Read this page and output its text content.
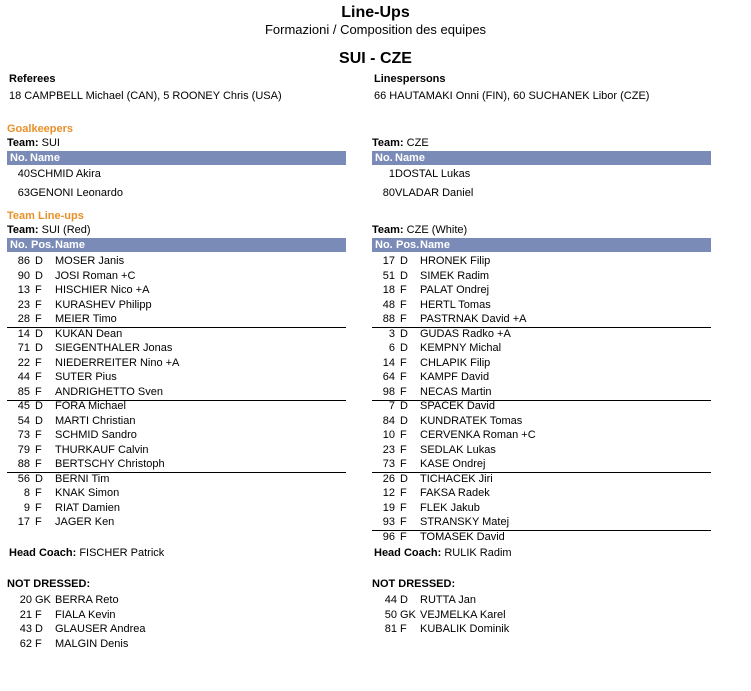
Line-Ups
Formazioni / Composition des equipes
SUI - CZE
Referees
18 CAMPBELL Michael (CAN), 5 ROONEY Chris (USA)
Linespersons
66 HAUTAMAKI Onni (FIN), 60 SUCHANEK Libor (CZE)
Goalkeepers
Team: SUI	Team: CZE
No. Name	No. Name
40 SCHMID Akira
63 GENONI Leonardo
1 DOSTAL Lukas
80 VLADAR Daniel
Team Line-ups
Team: SUI (Red)	Team: CZE (White)
No. Pos. Name	No. Pos. Name
86 D MOSER Janis
90 D JOSI Roman +C
13 F HISCHIER Nico +A
23 F KURASHEV Philipp
28 F MEIER Timo
14 D KUKAN Dean
71 D SIEGENTHALER Jonas
22 F NIEDERREITER Nino +A
44 F SUTER Pius
85 F ANDRIGHETTO Sven
45 D FORA Michael
54 D MARTI Christian
73 F SCHMID Sandro
79 F THURKAUF Calvin
88 F BERTSCHY Christoph
56 D BERNI Tim
8 F KNAK Simon
9 F RIAT Damien
17 F JAGER Ken
17 D HRONEK Filip
51 D SIMEK Radim
18 F PALAT Ondrej
48 F HERTL Tomas
88 F PASTRNAK David +A
3 D GUDAS Radko +A
6 D KEMPNY Michal
14 F CHLAPIK Filip
64 F KAMPF David
98 F NECAS Martin
7 D SPACEK David
84 D KUNDRATEK Tomas
10 F CERVENKA Roman +C
23 F SEDLAK Lukas
73 F KASE Ondrej
26 D TICHACEK Jiri
12 F FAKSA Radek
19 F FLEK Jakub
93 F STRANSKY Matej
96 F TOMASEK David
Head Coach: FISCHER Patrick	Head Coach: RULIK Radim
NOT DRESSED:	NOT DRESSED:
20 GK BERRA Reto
21 F FIALA Kevin
43 D GLAUSER Andrea
62 F MALGIN Denis
44 D RUTTA Jan
50 GK VEJMELKA Karel
81 F KUBALIK Dominik
